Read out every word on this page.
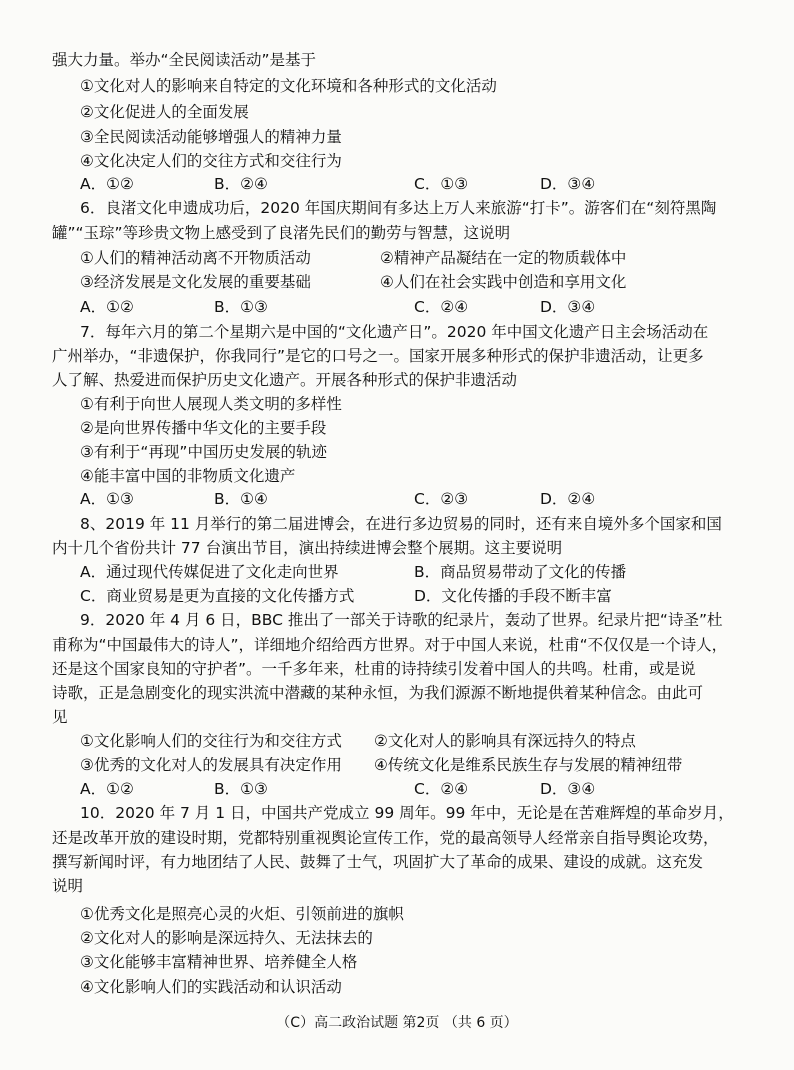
强大力量。举办“全民阅读活动”是基于
①文化对人的影响来自特定的文化环境和各种形式的文化活动
②文化促进人的全面发展
③全民阅读活动能够增强人的精神力量
④文化决定人们的交往方式和交往行为
A．①②	B．②④	C．①③	D．③④
6．良渚文化申遗成功后，2020 年国庆期间有多达上万人来旅游“打卡”。游客们在“刻符黑陶
罐”“玉琮”等珍贵文物上感受到了良渚先民们的勤劳与智慧，这说明
①人们的精神活动离不开物质活动	②精神产品凝结在一定的物质载体中
③经济发展是文化发展的重要基础	④人们在社会实践中创造和享用文化
A．①②	B．①③	C．②④	D．③④
7．每年六月的第二个星期六是中国的“文化遗产日”。2020 年中国文化遗产日主会场活动在
广州举办，“非遗保护，你我同行”是它的口号之一。国家开展多种形式的保护非遗活动，让更多
人了解、热爱进而保护历史文化遗产。开展各种形式的保护非遗活动
①有利于向世人展现人类文明的多样性
②是向世界传播中华文化的主要手段
③有利于“再现”中国历史发展的轨迹
④能丰富中国的非物质文化遗产
A．①③	B．①④	C．②③	D．②④
8、2019 年 11 月举行的第二届进博会，在进行多边贸易的同时，还有来自境外多个国家和国
内十几个省份共计 77 台演出节目，演出持续进博会整个展期。这主要说明
A．通过现代传媒促进了文化走向世界	B．商品贸易带动了文化的传播
C．商业贸易是更为直接的文化传播方式	D．文化传播的手段不断丰富
9．2020 年 4 月 6 日，BBC 推出了一部关于诗歌的纪录片，轰动了世界。纪录片把“诗圣”杜
甫称为“中国最伟大的诗人”，详细地介绍给西方世界。对于中国人来说，杜甫“不仅仅是一个诗人，
还是这个国家良知的守护者”。一千多年来，杜甫的诗持续引发着中国人的共鸣。杜甫，或是说
诗歌，正是急剧变化的现实洪流中潜藏的某种永恒，为我们源源不断地提供着某种信念。由此可
见
①文化影响人们的交往行为和交往方式 ②文化对人的影响具有深远持久的特点
③优秀的文化对人的发展具有决定作用 ④传统文化是维系民族生存与发展的精神纽带
A．①②	B．①③	C．②④	D．③④
10．2020 年 7 月 1 日，中国共产党成立 99 周年。99 年中，无论是在苦难辉煌的革命岁月，
还是改革开放的建设时期，党都特别重视舆论宣传工作，党的最高领导人经常亲自指导舆论攻势，
撰写新闻时评，有力地团结了人民、鼓舞了士气，巩固扩大了革命的成果、建设的成就。这充发
说明
①优秀文化是照亮心灵的火炬、引领前进的旗帜
②文化对人的影响是深远持久、无法抹去的
③文化能够丰富精神世界、培养健全人格
④文化影响人们的实践活动和认识活动
（C）高二政治试题 第2页 （共 6 页）
